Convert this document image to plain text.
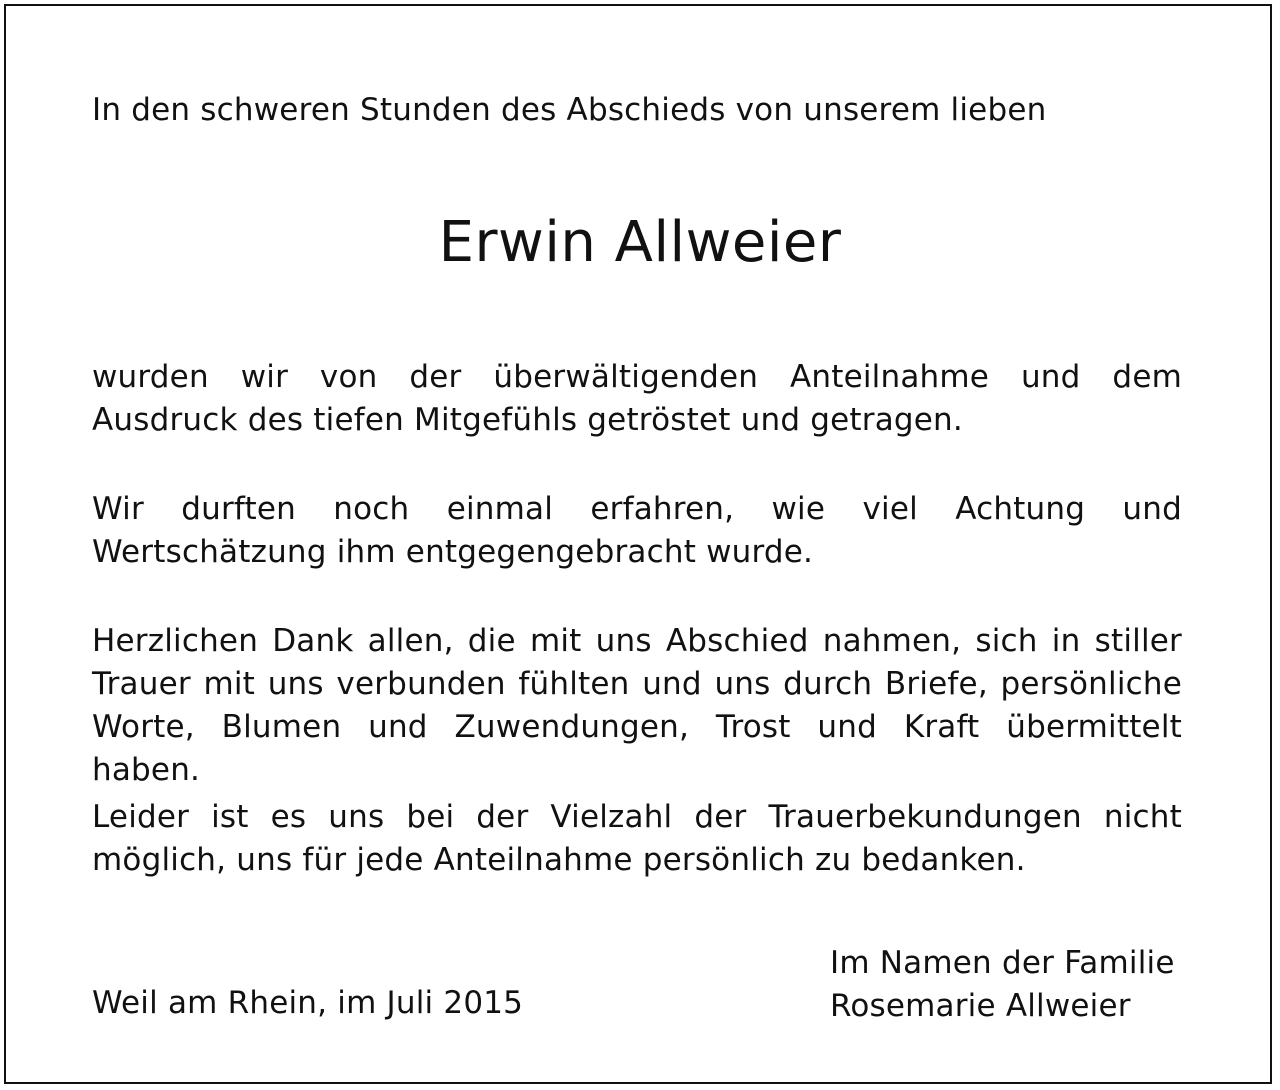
In den schweren Stunden des Abschieds von unserem lieben
Erwin Allweier
wurden wir von der überwältigenden Anteilnahme und dem Ausdruck des tiefen Mitgefühls getröstet und getragen.
Wir durften noch einmal erfahren, wie viel Achtung und Wertschätzung ihm entgegengebracht wurde.
Herzlichen Dank allen, die mit uns Abschied nahmen, sich in stiller Trauer mit uns verbunden fühlten und uns durch Briefe, persönliche Worte, Blumen und Zuwendungen, Trost und Kraft übermittelt haben.
Leider ist es uns bei der Vielzahl der Trauerbekundungen nicht möglich, uns für jede Anteilnahme persönlich zu bedanken.
Weil am Rhein, im Juli 2015
Im Namen der Familie
Rosemarie Allweier
